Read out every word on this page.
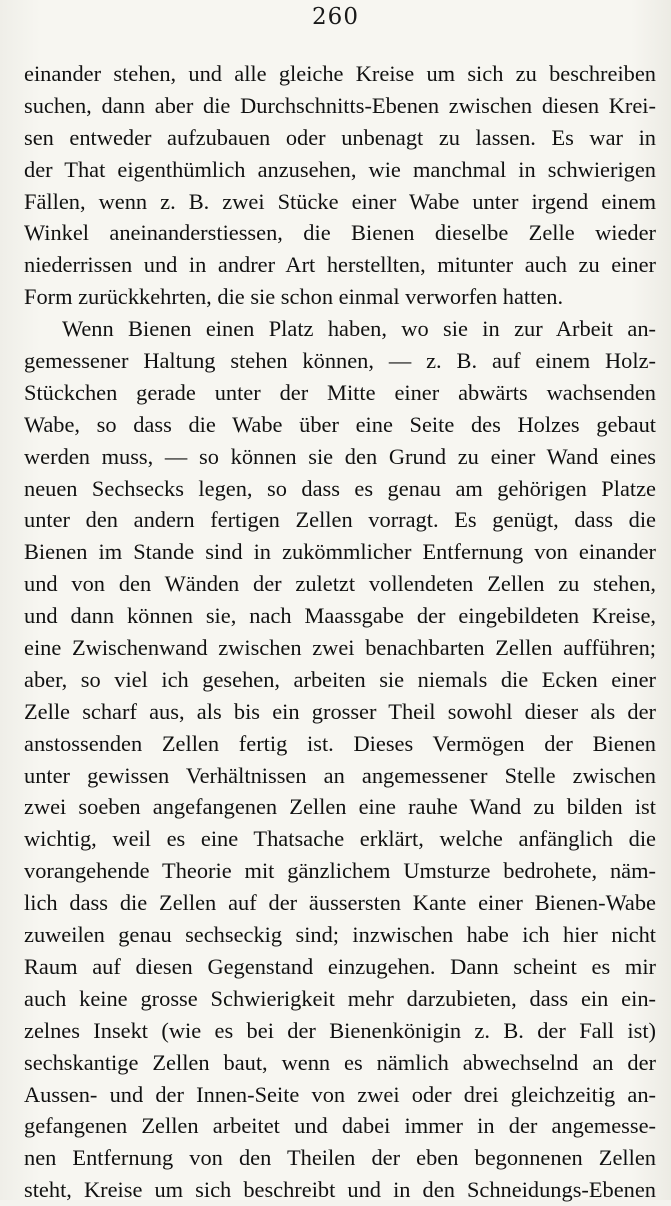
260
einander stehen, und alle gleiche Kreise um sich zu beschreiben
suchen, dann aber die Durchschnitts-Ebenen zwischen diesen Krei-
sen entweder aufzubauen oder unbenagt zu lassen. Es war in
der That eigenthümlich anzusehen, wie manchmal in schwierigen
Fällen, wenn z. B. zwei Stücke einer Wabe unter irgend einem
Winkel aneinanderstiessen, die Bienen dieselbe Zelle wieder
niederrissen und in andrer Art herstellten, mitunter auch zu einer
Form zurückkehrten, die sie schon einmal verworfen hatten.
Wenn Bienen einen Platz haben, wo sie in zur Arbeit an-
gemessener Haltung stehen können, — z. B. auf einem Holz-
Stückchen gerade unter der Mitte einer abwärts wachsenden
Wabe, so dass die Wabe über eine Seite des Holzes gebaut
werden muss, — so können sie den Grund zu einer Wand eines
neuen Sechsecks legen, so dass es genau am gehörigen Platze
unter den andern fertigen Zellen vorragt. Es genügt, dass die
Bienen im Stande sind in zukömmlicher Entfernung von einander
und von den Wänden der zuletzt vollendeten Zellen zu stehen,
und dann können sie, nach Maassgabe der eingebildeten Kreise,
eine Zwischenwand zwischen zwei benachbarten Zellen aufführen;
aber, so viel ich gesehen, arbeiten sie niemals die Ecken einer
Zelle scharf aus, als bis ein grosser Theil sowohl dieser als der
anstossenden Zellen fertig ist. Dieses Vermögen der Bienen
unter gewissen Verhältnissen an angemessener Stelle zwischen
zwei soeben angefangenen Zellen eine rauhe Wand zu bilden ist
wichtig, weil es eine Thatsache erklärt, welche anfänglich die
vorangehende Theorie mit gänzlichem Umsturze bedrohete, näm-
lich dass die Zellen auf der äussersten Kante einer Bienen-Wabe
zuweilen genau sechseckig sind; inzwischen habe ich hier nicht
Raum auf diesen Gegenstand einzugehen. Dann scheint es mir
auch keine grosse Schwierigkeit mehr darzubieten, dass ein ein-
zelnes Insekt (wie es bei der Bienenkönigin z. B. der Fall ist)
sechskantige Zellen baut, wenn es nämlich abwechselnd an der
Aussen- und der Innen-Seite von zwei oder drei gleichzeitig an-
gefangenen Zellen arbeitet und dabei immer in der angemesse-
nen Entfernung von den Theilen der eben begonnenen Zellen
steht, Kreise um sich beschreibt und in den Schneidungs-Ebenen
